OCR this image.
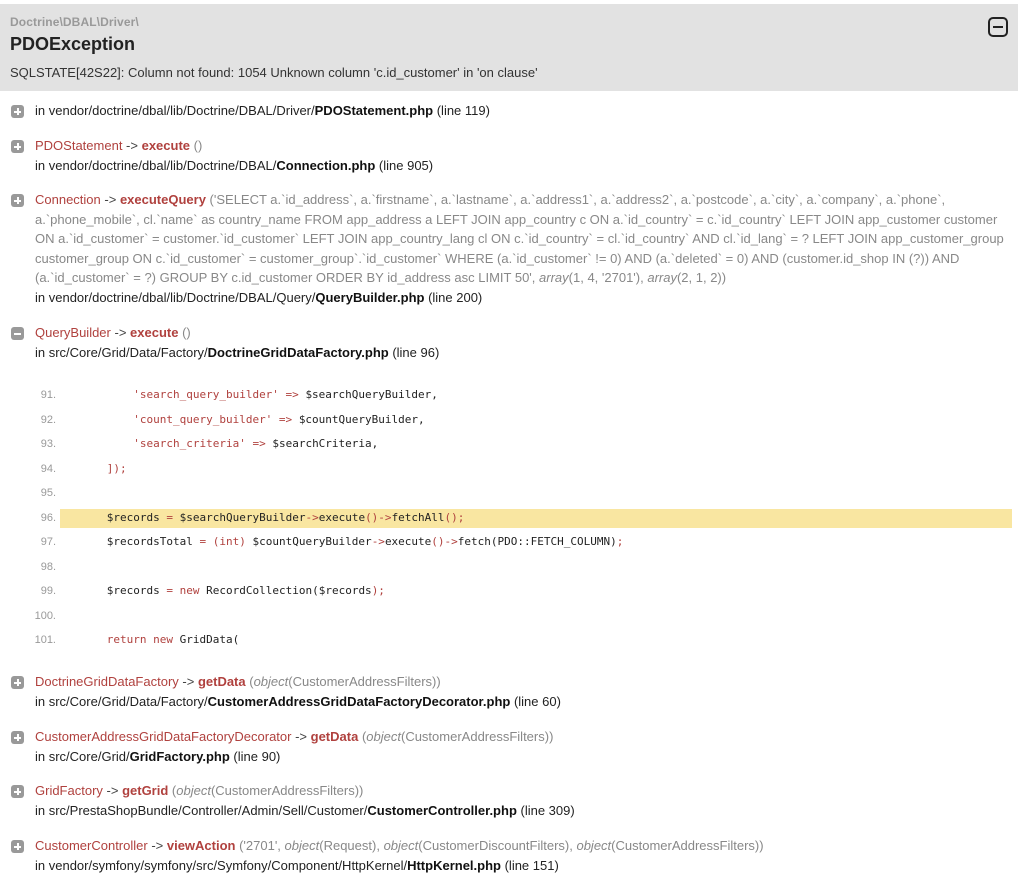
Doctrine\DBAL\Driver\
PDOException
SQLSTATE[42S22]: Column not found: 1054 Unknown column 'c.id_customer' in 'on clause'
in vendor/doctrine/dbal/lib/Doctrine/DBAL/Driver/PDOStatement.php (line 119)
PDOStatement -> execute ()
in vendor/doctrine/dbal/lib/Doctrine/DBAL/Connection.php (line 905)
Connection -> executeQuery ('SELECT a.`id_address`, a.`firstname`, a.`lastname`, a.`address1`, a.`address2`, a.`postcode`, a.`city`, a.`company`, a.`phone`, a.`phone_mobile`, cl.`name` as country_name FROM app_address a LEFT JOIN app_country c ON a.`id_country` = c.`id_country` LEFT JOIN app_customer customer ON a.`id_customer` = customer.`id_customer` LEFT JOIN app_country_lang cl ON c.`id_country` = cl.`id_country` AND cl.`id_lang` = ? LEFT JOIN app_customer_group customer_group ON c.`id_customer` = customer_group`.`id_customer` WHERE (a.`id_customer` != 0) AND (a.`deleted` = 0) AND (customer.id_shop IN (?)) AND (a.`id_customer` = ?) GROUP BY c.id_customer ORDER BY id_address asc LIMIT 50', array(1, 4, '2701'), array(2, 1, 2))
in vendor/doctrine/dbal/lib/Doctrine/DBAL/Query/QueryBuilder.php (line 200)
QueryBuilder -> execute ()
in src/Core/Grid/Data/Factory/DoctrineGridDataFactory.php (line 96)
91.	'search_query_builder' => $searchQueryBuilder,
92.	'count_query_builder' => $countQueryBuilder,
93.	'search_criteria' => $searchCriteria,
94.	]);
95.
96.	$records = $searchQueryBuilder->execute()->fetchAll();
97.	$recordsTotal = (int) $countQueryBuilder->execute()->fetch(PDO::FETCH_COLUMN);
98.
99.	$records = new RecordCollection($records);
100.
101.	return new GridData(
DoctrineGridDataFactory -> getData (object(CustomerAddressFilters))
in src/Core/Grid/Data/Factory/CustomerAddressGridDataFactoryDecorator.php (line 60)
CustomerAddressGridDataFactoryDecorator -> getData (object(CustomerAddressFilters))
in src/Core/Grid/GridFactory.php (line 90)
GridFactory -> getGrid (object(CustomerAddressFilters))
in src/PrestaShopBundle/Controller/Admin/Sell/Customer/CustomerController.php (line 309)
CustomerController -> viewAction ('2701', object(Request), object(CustomerDiscountFilters), object(CustomerAddressFilters))
in vendor/symfony/symfony/src/Symfony/Component/HttpKernel/HttpKernel.php (line 151)
